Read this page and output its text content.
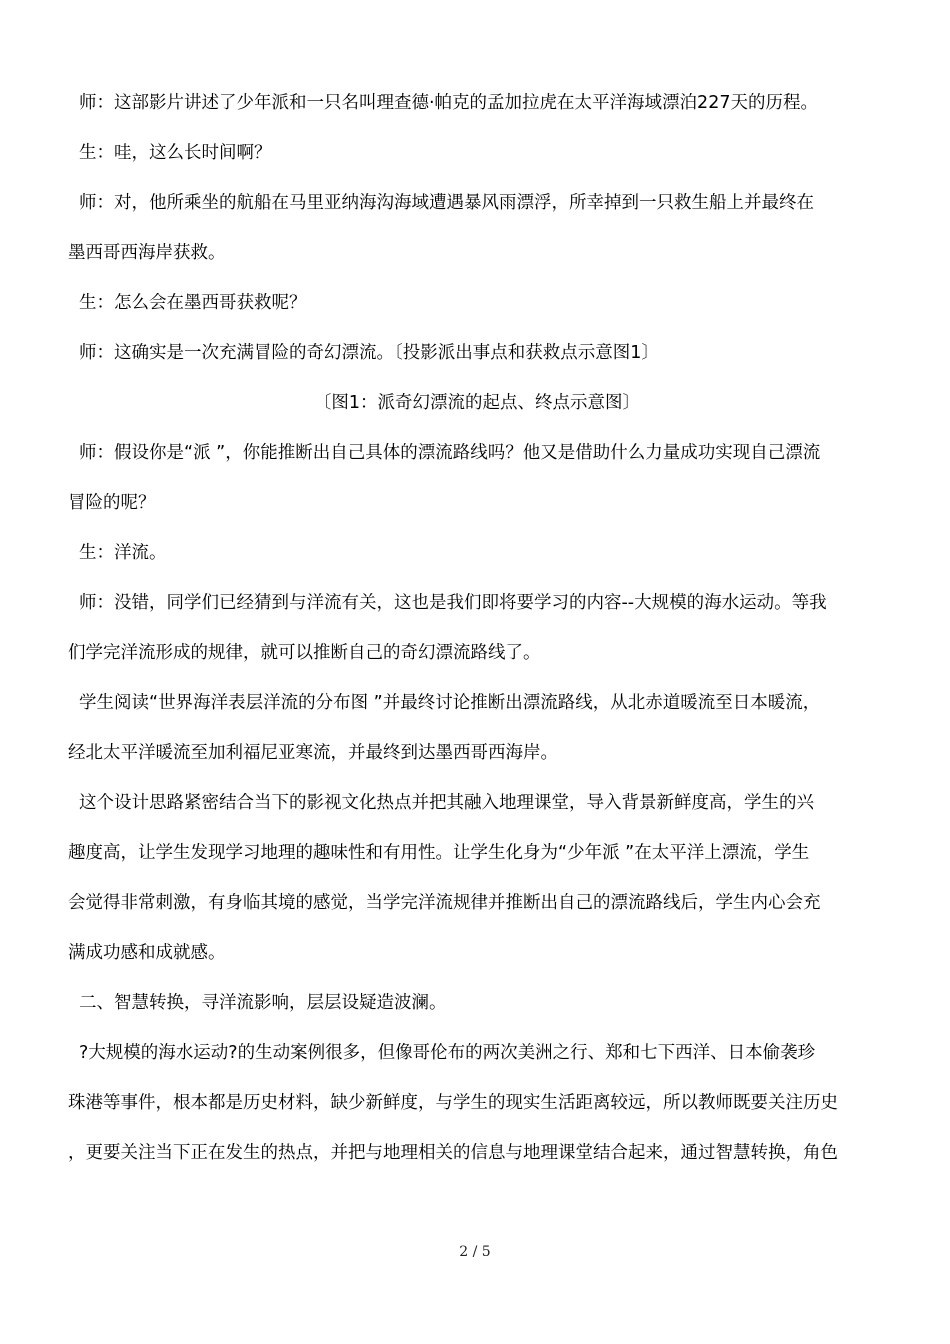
师：这部影片讲述了少年派和一只名叫理查德·帕克的孟加拉虎在太平洋海域漂泊227天的历程。
生：哇，这么长时间啊？
师：对，他所乘坐的航船在马里亚纳海沟海域遭遇暴风雨漂浮，所幸掉到一只救生船上并最终在
墨西哥西海岸获救。
生：怎么会在墨西哥获救呢？
师：这确实是一次充满冒险的奇幻漂流。〔投影派出事点和获救点示意图1〕
〔图1：派奇幻漂流的起点、终点示意图〕
师：假设你是“派 ”，你能推断出自己具体的漂流路线吗？他又是借助什么力量成功实现自己漂流
冒险的呢？
生：洋流。
师：没错，同学们已经猜到与洋流有关，这也是我们即将要学习的内容--大规模的海水运动。等我
们学完洋流形成的规律，就可以推断自己的奇幻漂流路线了。
学生阅读“世界海洋表层洋流的分布图 ”并最终讨论推断出漂流路线，从北赤道暖流至日本暖流，
经北太平洋暖流至加利福尼亚寒流，并最终到达墨西哥西海岸。
这个设计思路紧密结合当下的影视文化热点并把其融入地理课堂，导入背景新鲜度高，学生的兴
趣度高，让学生发现学习地理的趣味性和有用性。让学生化身为“少年派 ”在太平洋上漂流，学生
会觉得非常刺激，有身临其境的感觉，当学完洋流规律并推断出自己的漂流路线后，学生内心会充
满成功感和成就感。
二、智慧转换，寻洋流影响，层层设疑造波澜。
?大规模的海水运动?的生动案例很多，但像哥伦布的两次美洲之行、郑和七下西洋、日本偷袭珍
珠港等事件，根本都是历史材料，缺少新鲜度，与学生的现实生活距离较远，所以教师既要关注历史
，更要关注当下正在发生的热点，并把与地理相关的信息与地理课堂结合起来，通过智慧转换，角色
2 / 5
